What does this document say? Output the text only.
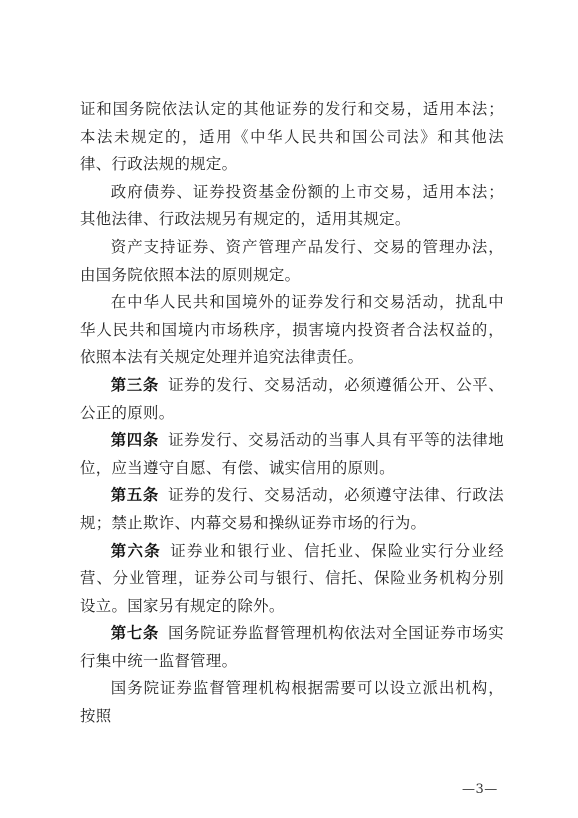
证和国务院依法认定的其他证券的发行和交易，适用本法；本法未规定的，适用《中华人民共和国公司法》和其他法律、行政法规的规定。

政府债券、证券投资基金份额的上市交易，适用本法；其他法律、行政法规另有规定的，适用其规定。

资产支持证券、资产管理产品发行、交易的管理办法，由国务院依照本法的原则规定。

在中华人民共和国境外的证券发行和交易活动，扰乱中华人民共和国境内市场秩序，损害境内投资者合法权益的，依照本法有关规定处理并追究法律责任。

第三条 证券的发行、交易活动，必须遵循公开、公平、公正的原则。

第四条 证券发行、交易活动的当事人具有平等的法律地位，应当遵守自愿、有偿、诚实信用的原则。

第五条 证券的发行、交易活动，必须遵守法律、行政法规；禁止欺诈、内幕交易和操纵证券市场的行为。

第六条 证券业和银行业、信托业、保险业实行分业经营、分业管理，证券公司与银行、信托、保险业务机构分别设立。国家另有规定的除外。

第七条 国务院证券监督管理机构依法对全国证券市场实行集中统一监督管理。

国务院证券监督管理机构根据需要可以设立派出机构，按照

—3—
